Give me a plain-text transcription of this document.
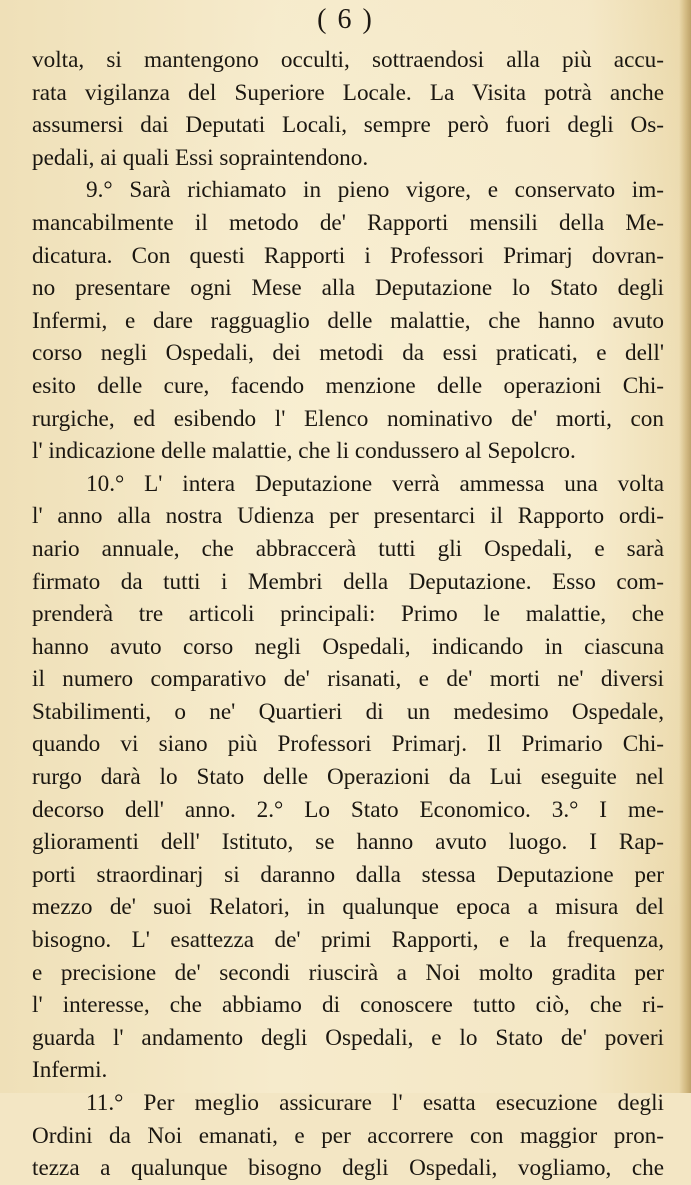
( 6 )
volta, si mantengono occulti, sottraendosi alla più accu-
rata vigilanza del Superiore Locale. La Visita potrà anche
assumersi dai Deputati Locali, sempre però fuori degli Os-
pedali, ai quali Essi sopraintendono.
9.° Sarà richiamato in pieno vigore, e conservato im-
mancabilmente il metodo de' Rapporti mensili della Me-
dicatura. Con questi Rapporti i Professori Primarj dovran-
no presentare ogni Mese alla Deputazione lo Stato degli
Infermi, e dare ragguaglio delle malattie, che hanno avuto
corso negli Ospedali, dei metodi da essi praticati, e dell'
esito delle cure, facendo menzione delle operazioni Chi-
rurgiche, ed esibendo l' Elenco nominativo de' morti, con
l' indicazione delle malattie, che li condussero al Sepolcro.
10.° L' intera Deputazione verrà ammessa una volta
l' anno alla nostra Udienza per presentarci il Rapporto ordi-
nario annuale, che abbraccerà tutti gli Ospedali, e sarà
firmato da tutti i Membri della Deputazione. Esso com-
prenderà tre articoli principali: Primo le malattie, che
hanno avuto corso negli Ospedali, indicando in ciascuna
il numero comparativo de' risanati, e de' morti ne' diversi
Stabilimenti, o ne' Quartieri di un medesimo Ospedale,
quando vi siano più Professori Primarj. Il Primario Chi-
rurgo darà lo Stato delle Operazioni da Lui eseguite nel
decorso dell' anno. 2.° Lo Stato Economico. 3.° I me-
glioramenti dell' Istituto, se hanno avuto luogo. I Rap-
porti straordinarj si daranno dalla stessa Deputazione per
mezzo de' suoi Relatori, in qualunque epoca a misura del
bisogno. L' esattezza de' primi Rapporti, e la frequenza,
e precisione de' secondi riuscirà a Noi molto gradita per
l' interesse, che abbiamo di conoscere tutto ciò, che ri-
guarda l' andamento degli Ospedali, e lo Stato de' poveri
Infermi.
11.° Per meglio assicurare l' esatta esecuzione degli
Ordini da Noi emanati, e per accorrere con maggior pron-
tezza a qualunque bisogno degli Ospedali, vogliamo, che
